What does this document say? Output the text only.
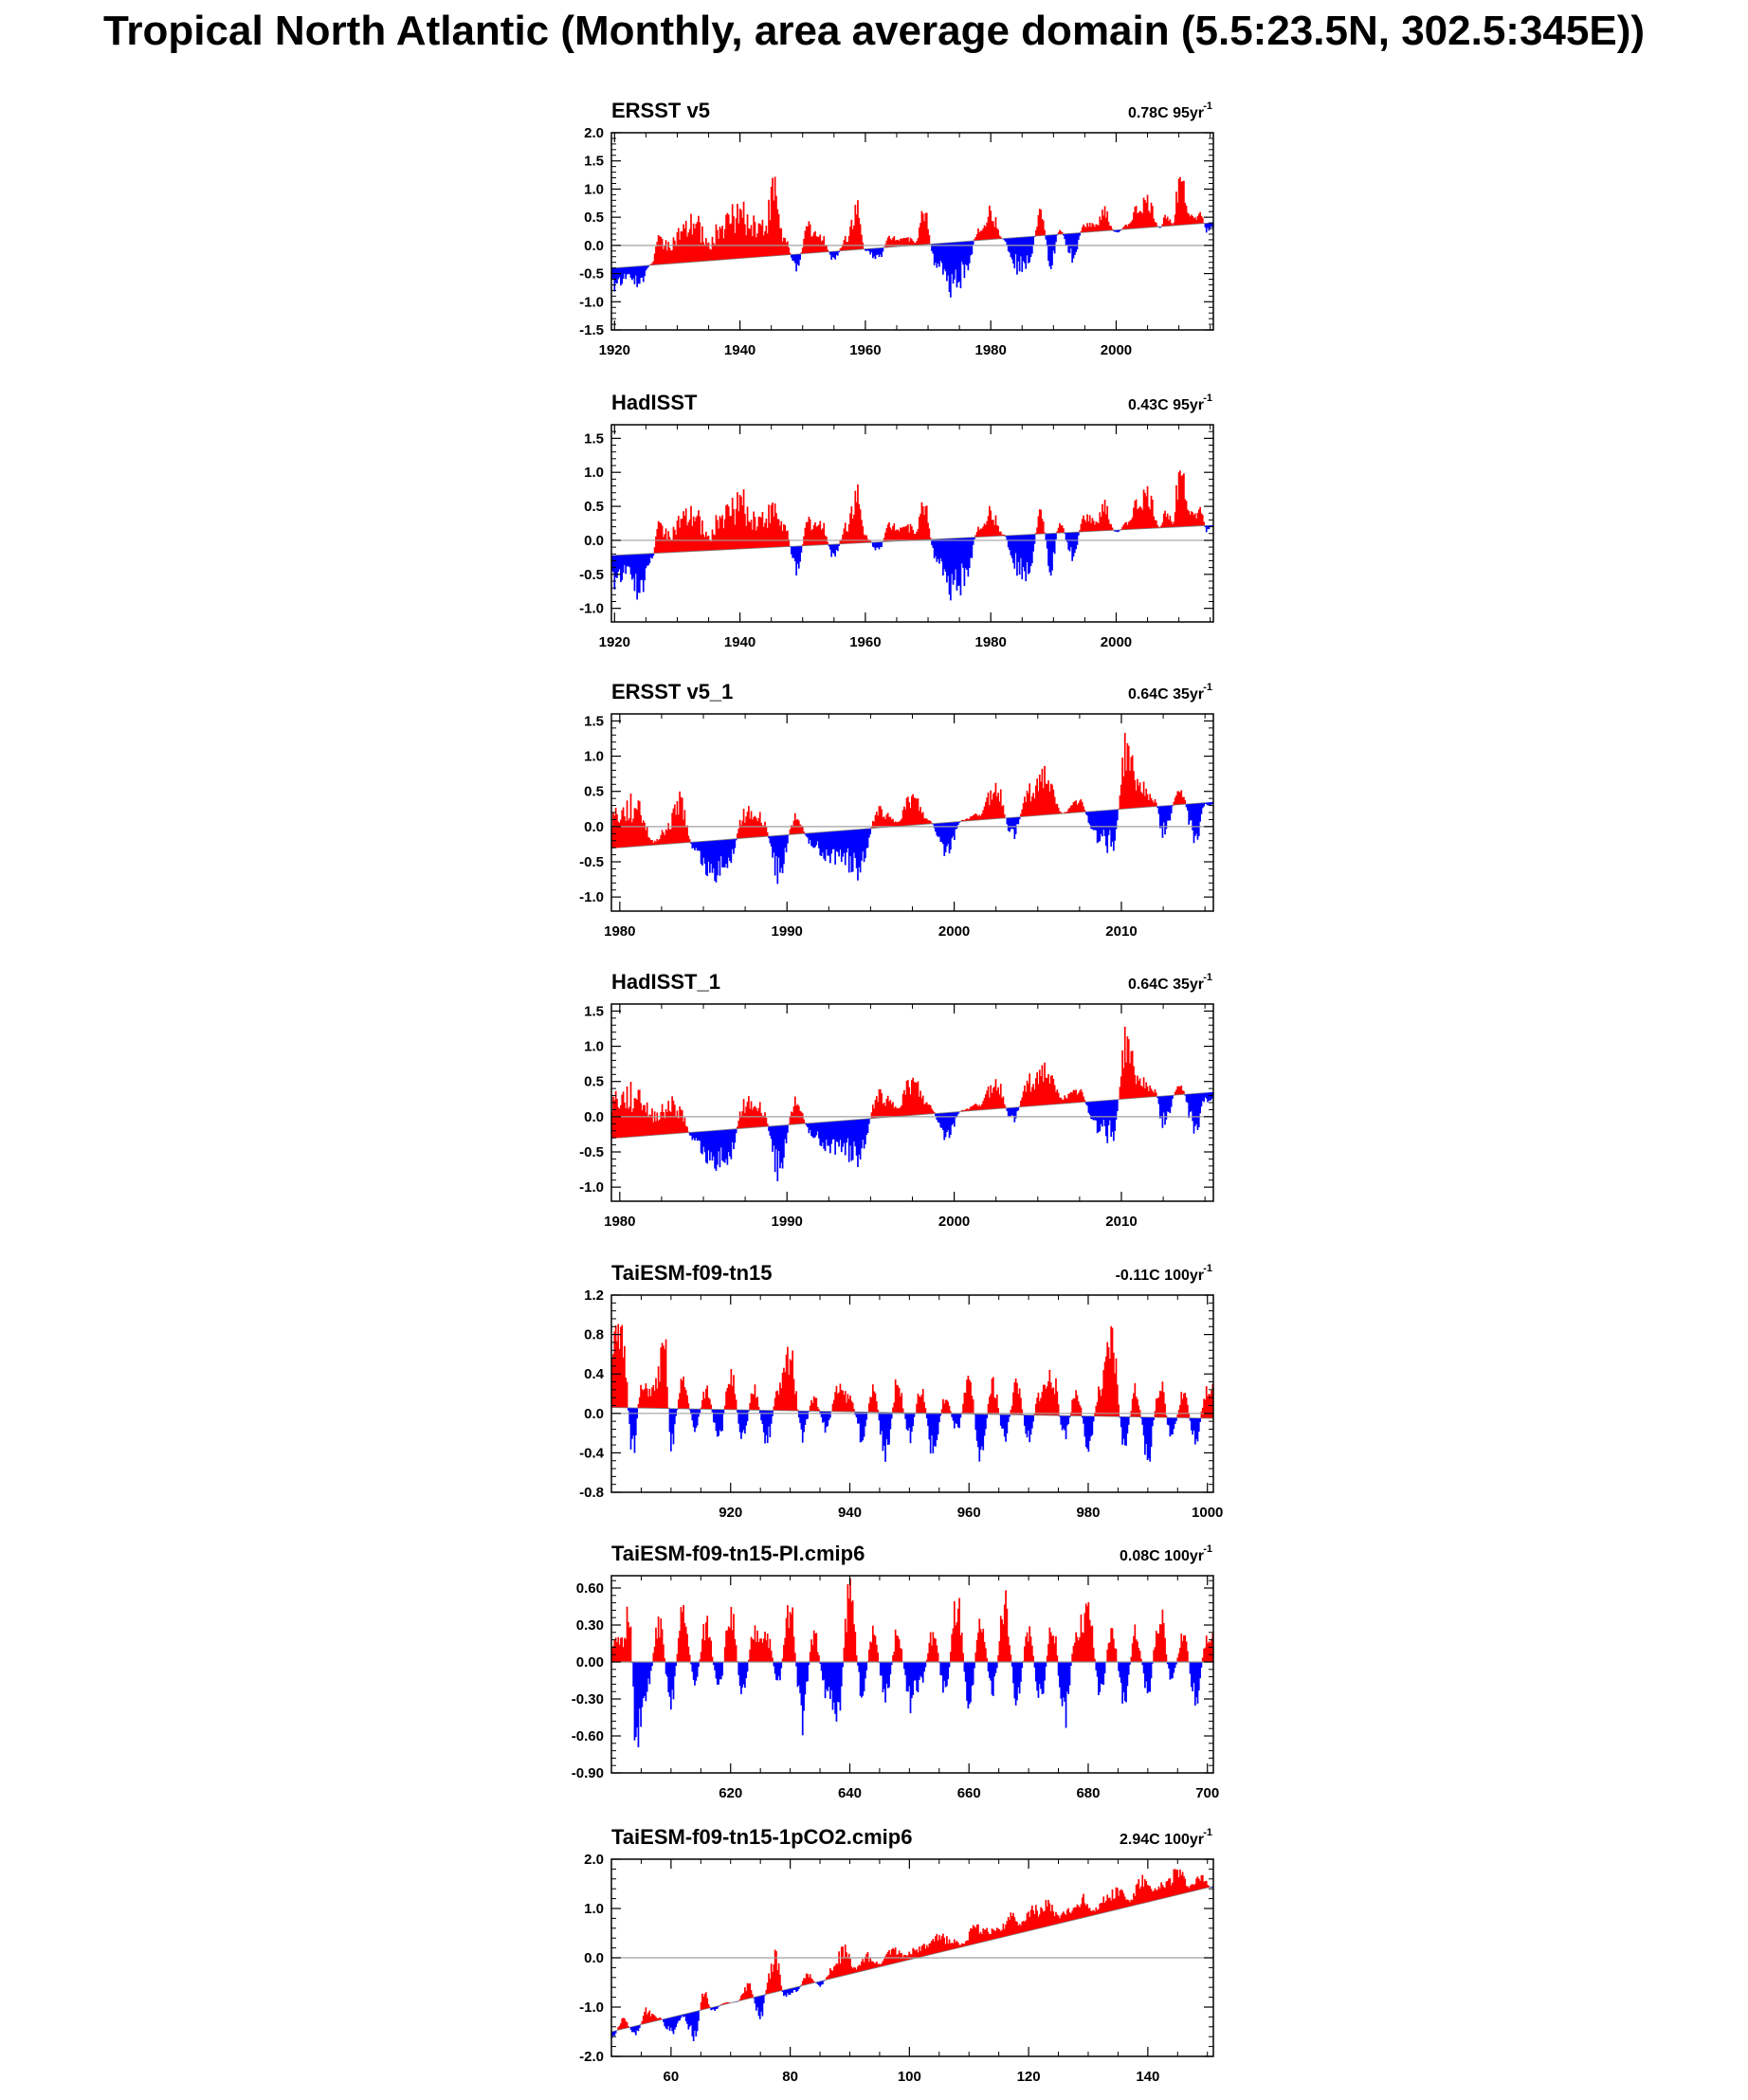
Tropical North Atlantic (Monthly, area average domain (5.5:23.5N, 302.5:345E))
ERSST v5	0.78C 95yr -1
-1.5
-1.0
-0.5
0.0
0.5
1.0
1.5
2.0
1920	1940	1960	1980	2000
HadISST	0.43C 95yr -1
-1.0
-0.5
0.0
0.5
1.0
1.5
1920	1940	1960	1980	2000
ERSST v5_1	0.64C 35yr -1
-1.0
-0.5
0.0
0.5
1.0
1.5
1980	1990	2000	2010
HadISST_1	0.64C 35yr -1
-1.0
-0.5
0.0
0.5
1.0
1.5
1980	1990	2000	2010
TaiESM-f09-tn15	-0.11C 100yr -1
-0.8
-0.4
0.0
0.4
0.8
1.2
920	940	960	980	1000
TaiESM-f09-tn15-PI.cmip6	0.08C 100yr -1
-0.90
-0.60
-0.30
0.00
0.30
0.60
620	640	660	680	700
TaiESM-f09-tn15-1pCO2.cmip6	2.94C 100yr -1
-2.0
-1.0
0.0
1.0
2.0
60	80	100	120	140
